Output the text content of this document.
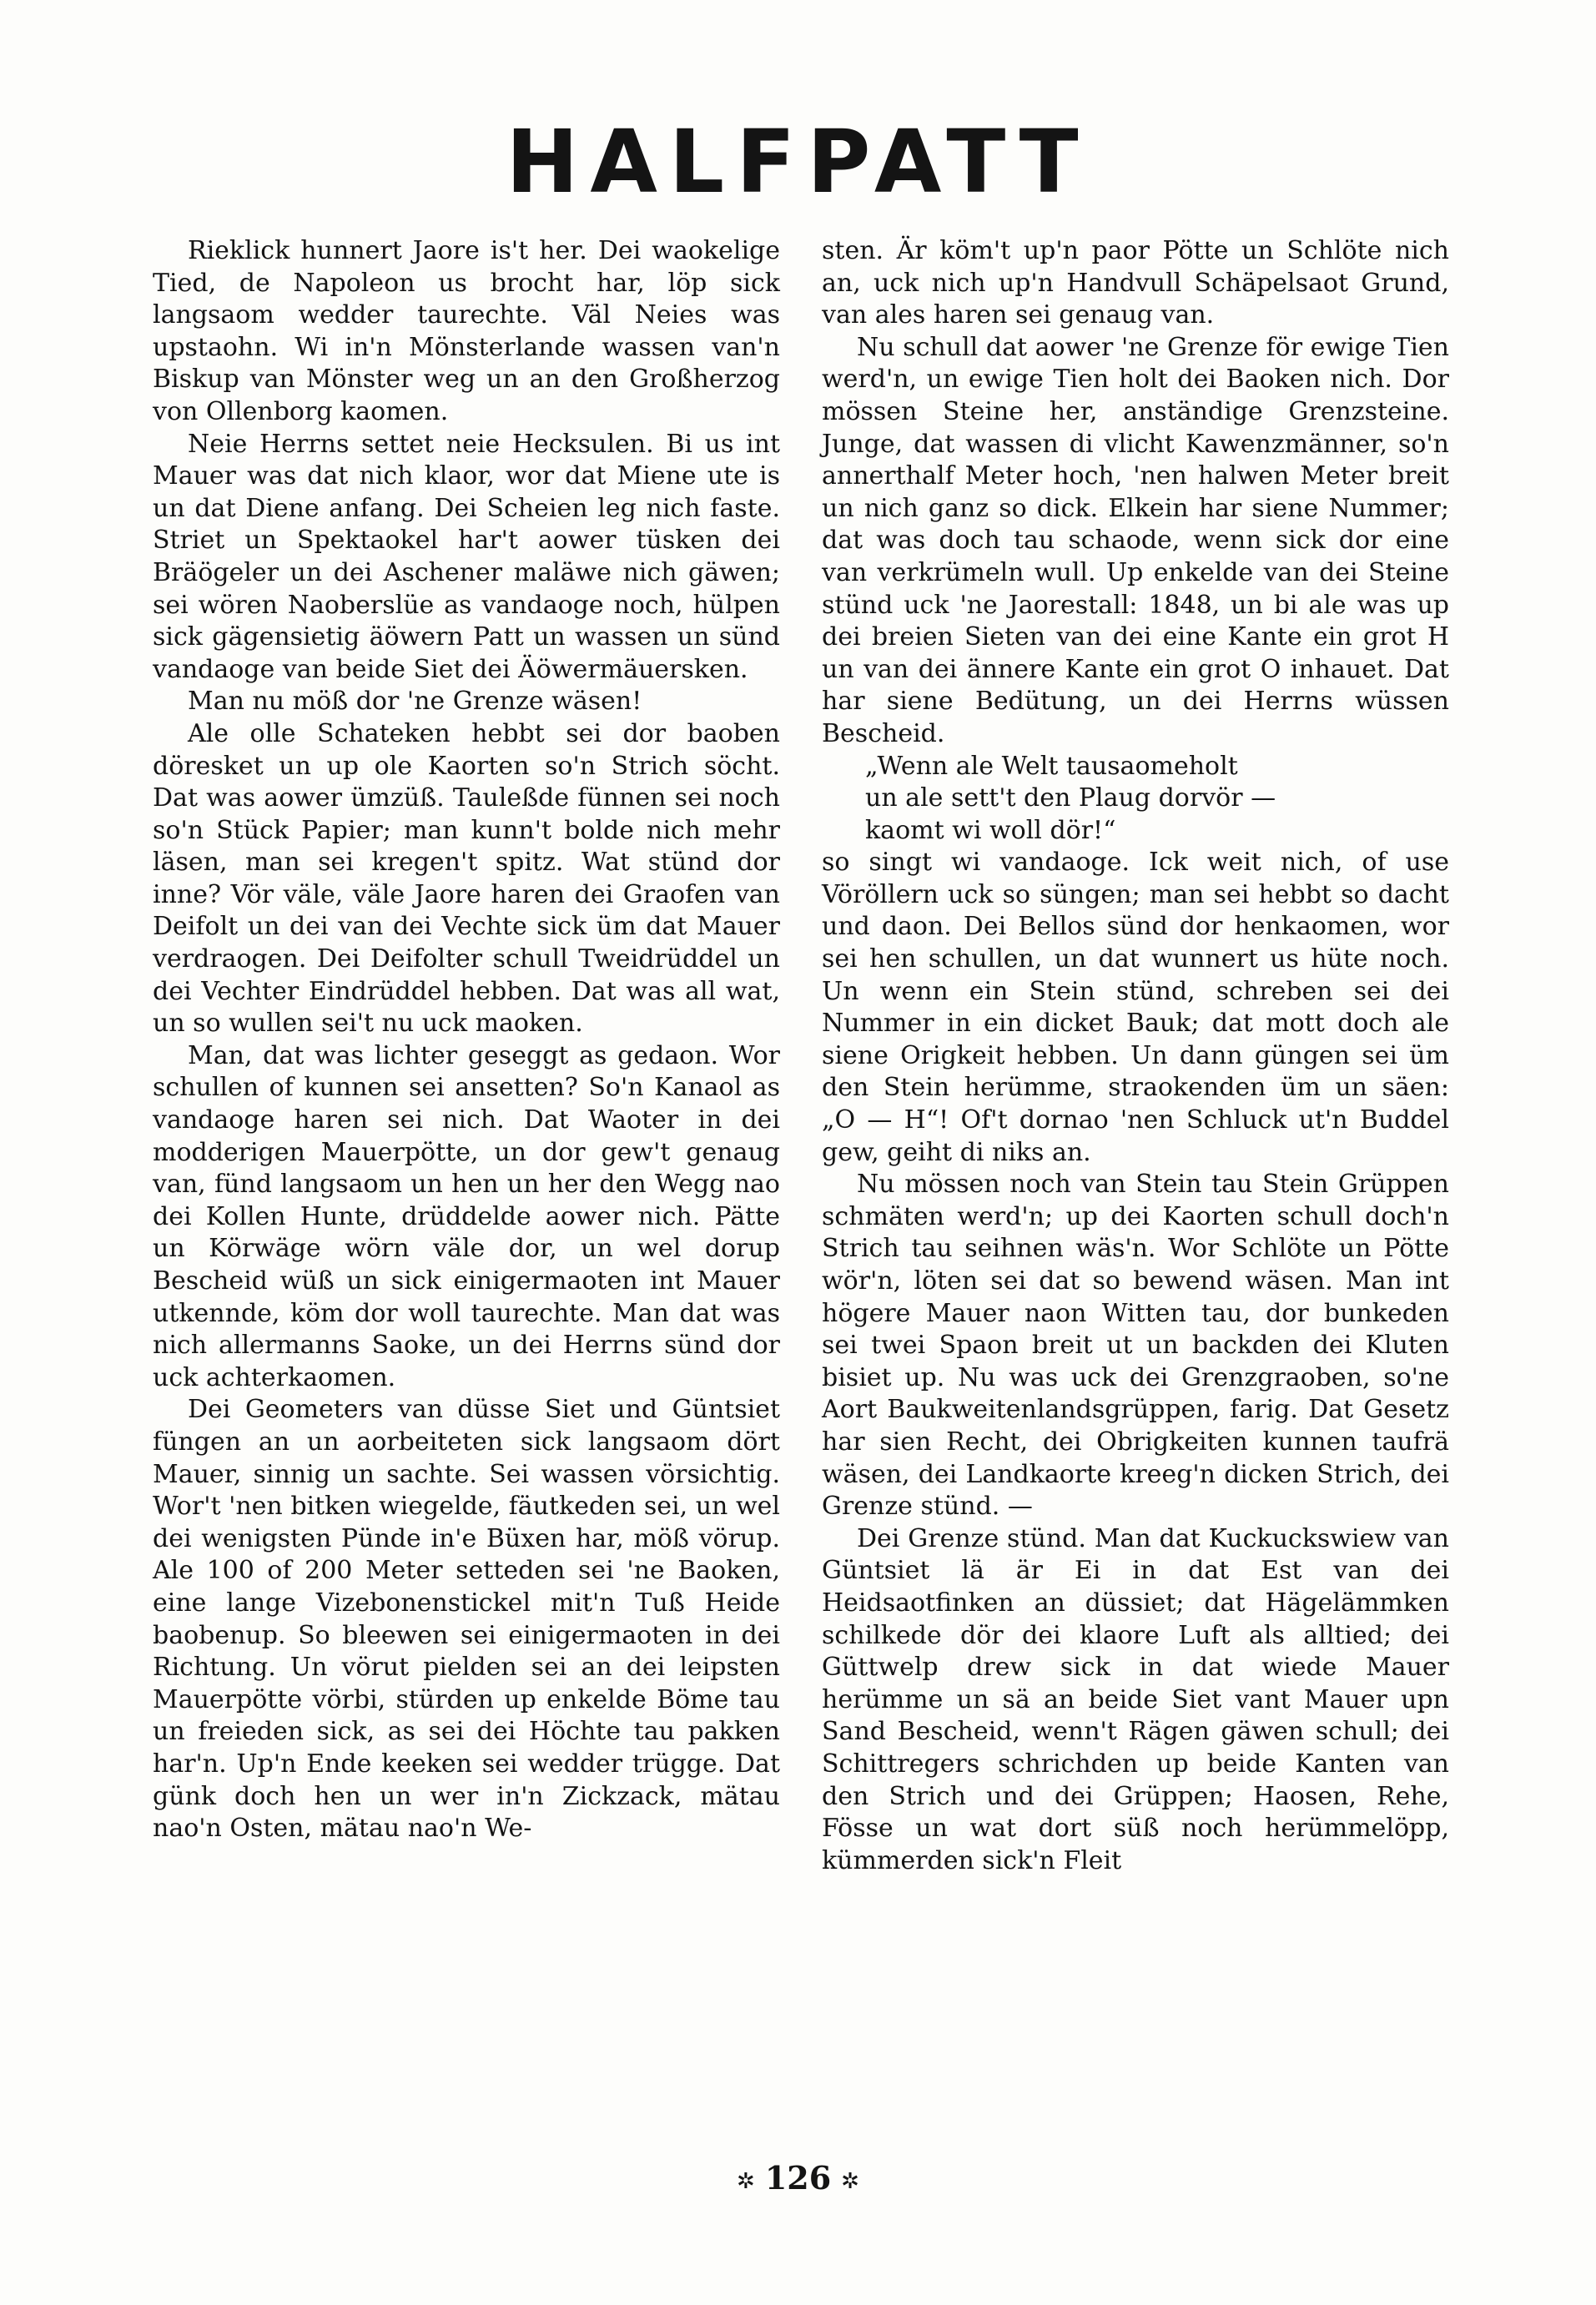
HALFPATT

Rieklick hunnert Jaore is't her. Dei waokelige Tied, de Napoleon us brocht har, löp sick langsaom wedder taurechte. Väl Neies was upstaohn. Wi in'n Mönsterlande wassen van'n Biskup van Mönster weg un an den Großherzog von Ollenborg kaomen.

Neie Herrns settet neie Hecksulen. Bi us int Mauer was dat nich klaor, wor dat Miene ute is un dat Diene anfang. Dei Scheien leg nich faste. Striet un Spektaokel har't aower tüsken dei Bräögeler un dei Aschener maläwe nich gäwen; sei wören Naoberslüe as vandaoge noch, hülpen sick gägensietig äöwern Patt un wassen un sünd vandaoge van beide Siet dei Äöwermäuersken.

Man nu möß dor 'ne Grenze wäsen!

Ale olle Schateken hebbt sei dor baoben döresket un up ole Kaorten so'n Strich söcht. Dat was aower ümzüß. Tauleßde fünnen sei noch so'n Stück Papier; man kunn't bolde nich mehr läsen, man sei kregen't spitz. Wat stünd dor inne? Vör väle, väle Jaore haren dei Graofen van Deifolt un dei van dei Vechte sick üm dat Mauer verdraogen. Dei Deifolter schull Tweidrüddel un dei Vechter Eindrüddel hebben. Dat was all wat, un so wullen sei't nu uck maoken.

Man, dat was lichter geseggt as gedaon. Wor schullen of kunnen sei ansetten? So'n Kanaol as vandaoge haren sei nich. Dat Waoter in dei modderigen Mauerpötte, un dor gew't genaug van, fünd langsaom un hen un her den Wegg nao dei Kollen Hunte, drüddelde aower nich. Pätte un Körwäge wörn väle dor, un wel dorup Bescheid wüß un sick einigermaoten int Mauer utkennde, köm dor woll taurechte. Man dat was nich allermanns Saoke, un dei Herrns sünd dor uck achterkaomen.

Dei Geometers van düsse Siet und Güntsiet füngen an un aorbeiteten sick langsaom dört Mauer, sinnig un sachte. Sei wassen vörsichtig. Wor't 'nen bitken wiegelde, fäutkeden sei, un wel dei wenigsten Pünde in'e Büxen har, möß vörup. Ale 100 of 200 Meter setteden sei 'ne Baoken, eine lange Vizebonenstickel mit'n Tuß Heide baobenup. So bleewen sei einigermaoten in dei Richtung. Un vörut pielden sei an dei leipsten Mauerpötte vörbi, stürden up enkelde Böme tau un freieden sick, as sei dei Höchte tau pakken har'n. Up'n Ende keeken sei wedder trügge. Dat günk doch hen un wer in'n Zickzack, mätau nao'n Osten, mätau nao'n We-

sten. Är köm't up'n paor Pötte un Schlöte nich an, uck nich up'n Handvull Schäpelsaot Grund, van ales haren sei genaug van.

Nu schull dat aower 'ne Grenze för ewige Tien werd'n, un ewige Tien holt dei Baoken nich. Dor mössen Steine her, anständige Grenzsteine. Junge, dat wassen di vlicht Kawenzmänner, so'n annerthalf Meter hoch, 'nen halwen Meter breit un nich ganz so dick. Elkein har siene Nummer; dat was doch tau schaode, wenn sick dor eine van verkrümeln wull. Up enkelde van dei Steine stünd uck 'ne Jaorestall: 1848, un bi ale was up dei breien Sieten van dei eine Kante ein grot H un van dei ännere Kante ein grot O inhauet. Dat har siene Bedütung, un dei Herrns wüssen Bescheid.

„Wenn ale Welt tausaomeholt
un ale sett't den Plaug dorvör —
kaomt wi woll dör!“

so singt wi vandaoge. Ick weit nich, of use Vöröllern uck so süngen; man sei hebbt so dacht und daon. Dei Bellos sünd dor henkaomen, wor sei hen schullen, un dat wunnert us hüte noch. Un wenn ein Stein stünd, schreben sei dei Nummer in ein dicket Bauk; dat mott doch ale siene Origkeit hebben. Un dann güngen sei üm den Stein herümme, straokenden üm un säen: „O — H“! Of't dornao 'nen Schluck ut'n Buddel gew, geiht di niks an.

Nu mössen noch van Stein tau Stein Grüppen schmäten werd'n; up dei Kaorten schull doch'n Strich tau seihnen wäs'n. Wor Schlöte un Pötte wör'n, löten sei dat so bewend wäsen. Man int högere Mauer naon Witten tau, dor bunkeden sei twei Spaon breit ut un backden dei Kluten bisiet up. Nu was uck dei Grenzgraoben, so'ne Aort Baukweitenlandsgrüppen, farig. Dat Gesetz har sien Recht, dei Obrigkeiten kunnen taufrä wäsen, dei Landkaorte kreeg'n dicken Strich, dei Grenze stünd. —

Dei Grenze stünd. Man dat Kuckuckswiew van Güntsiet lä är Ei in dat Est van dei Heidsaotfinken an düssiet; dat Hägelämmken schilkede dör dei klaore Luft als alltied; dei Güttwelp drew sick in dat wiede Mauer herümme un sä an beide Siet vant Mauer upn Sand Bescheid, wenn't Rägen gäwen schull; dei Schittregers schrichden up beide Kanten van den Strich und dei Grüppen; Haosen, Rehe, Fösse un wat dort süß noch herümmelöpp, kümmerden sick'n Fleit

✲ 126 ✲
